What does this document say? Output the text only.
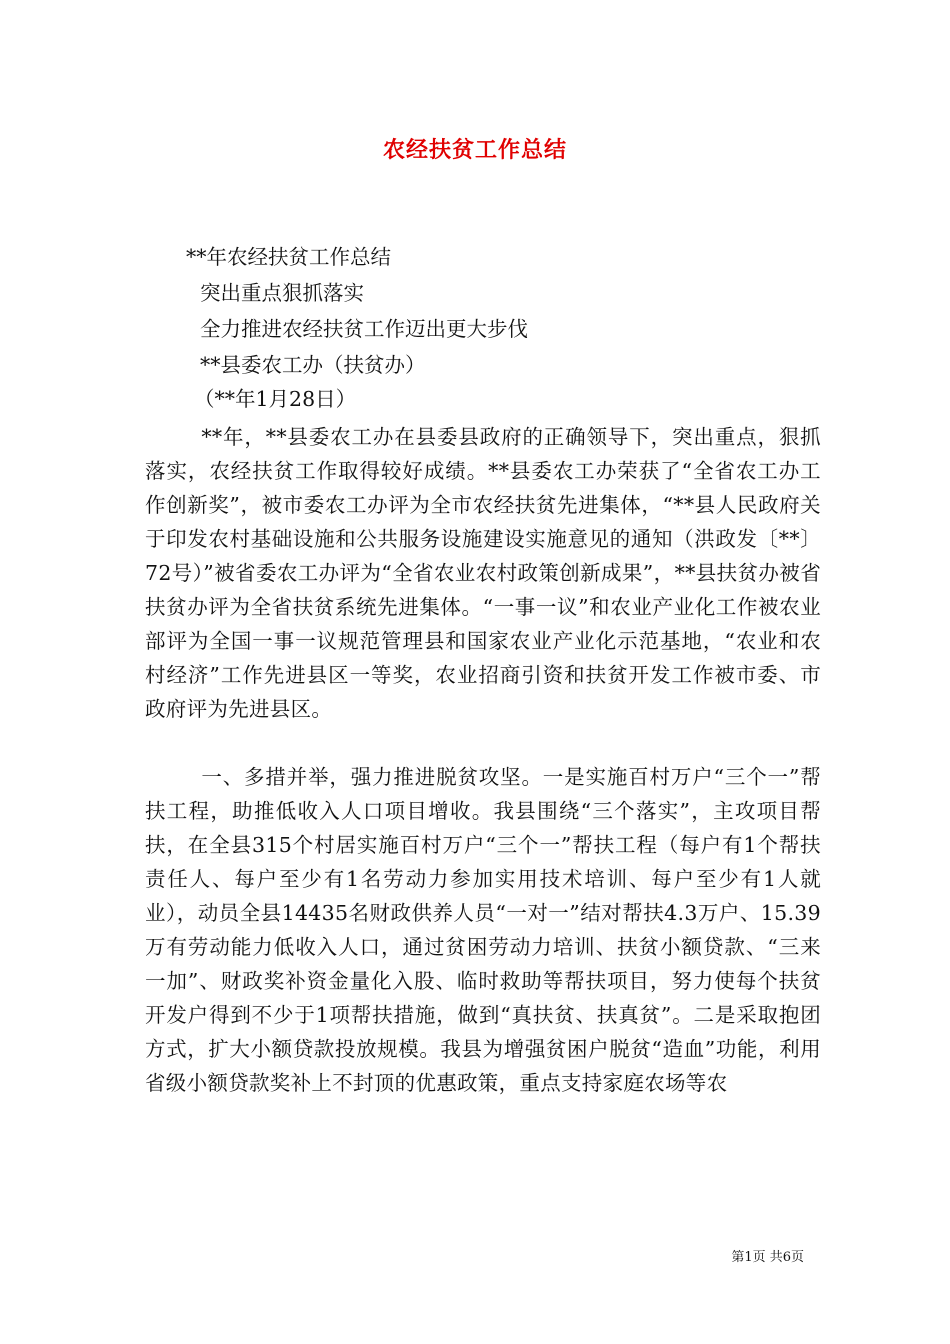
农经扶贫工作总结
**年农经扶贫工作总结
突出重点狠抓落实
全力推进农经扶贫工作迈出更大步伐
**县委农工办（扶贫办）
（**年1月28日）
**年，**县委农工办在县委县政府的正确领导下，突出重点，狠抓落实，农经扶贫工作取得较好成绩。**县委农工办荣获了“全省农工办工作创新奖”，被市委农工办评为全市农经扶贫先进集体，“**县人民政府关于印发农村基础设施和公共服务设施建设实施意见的通知（洪政发〔**〕72号）”被省委农工办评为“全省农业农村政策创新成果”，**县扶贫办被省扶贫办评为全省扶贫系统先进集体。“一事一议”和农业产业化工作被农业部评为全国一事一议规范管理县和国家农业产业化示范基地，“农业和农村经济”工作先进县区一等奖，农业招商引资和扶贫开发工作被市委、市政府评为先进县区。
一、多措并举，强力推进脱贫攻坚。一是实施百村万户“三个一”帮扶工程，助推低收入人口项目增收。我县围绕“三个落实”，主攻项目帮扶，在全县315个村居实施百村万户“三个一”帮扶工程（每户有1个帮扶责任人、每户至少有1名劳动力参加实用技术培训、每户至少有1人就业），动员全县14435名财政供养人员“一对一”结对帮扶4.3万户、15.39万有劳动能力低收入人口，通过贫困劳动力培训、扶贫小额贷款、“三来一加”、财政奖补资金量化入股、临时救助等帮扶项目，努力使每个扶贫开发户得到不少于1项帮扶措施，做到“真扶贫、扶真贫”。二是采取抱团方式，扩大小额贷款投放规模。我县为增强贫困户脱贫“造血”功能，利用省级小额贷款奖补上不封顶的优惠政策，重点支持家庭农场等农
第1页 共6页
